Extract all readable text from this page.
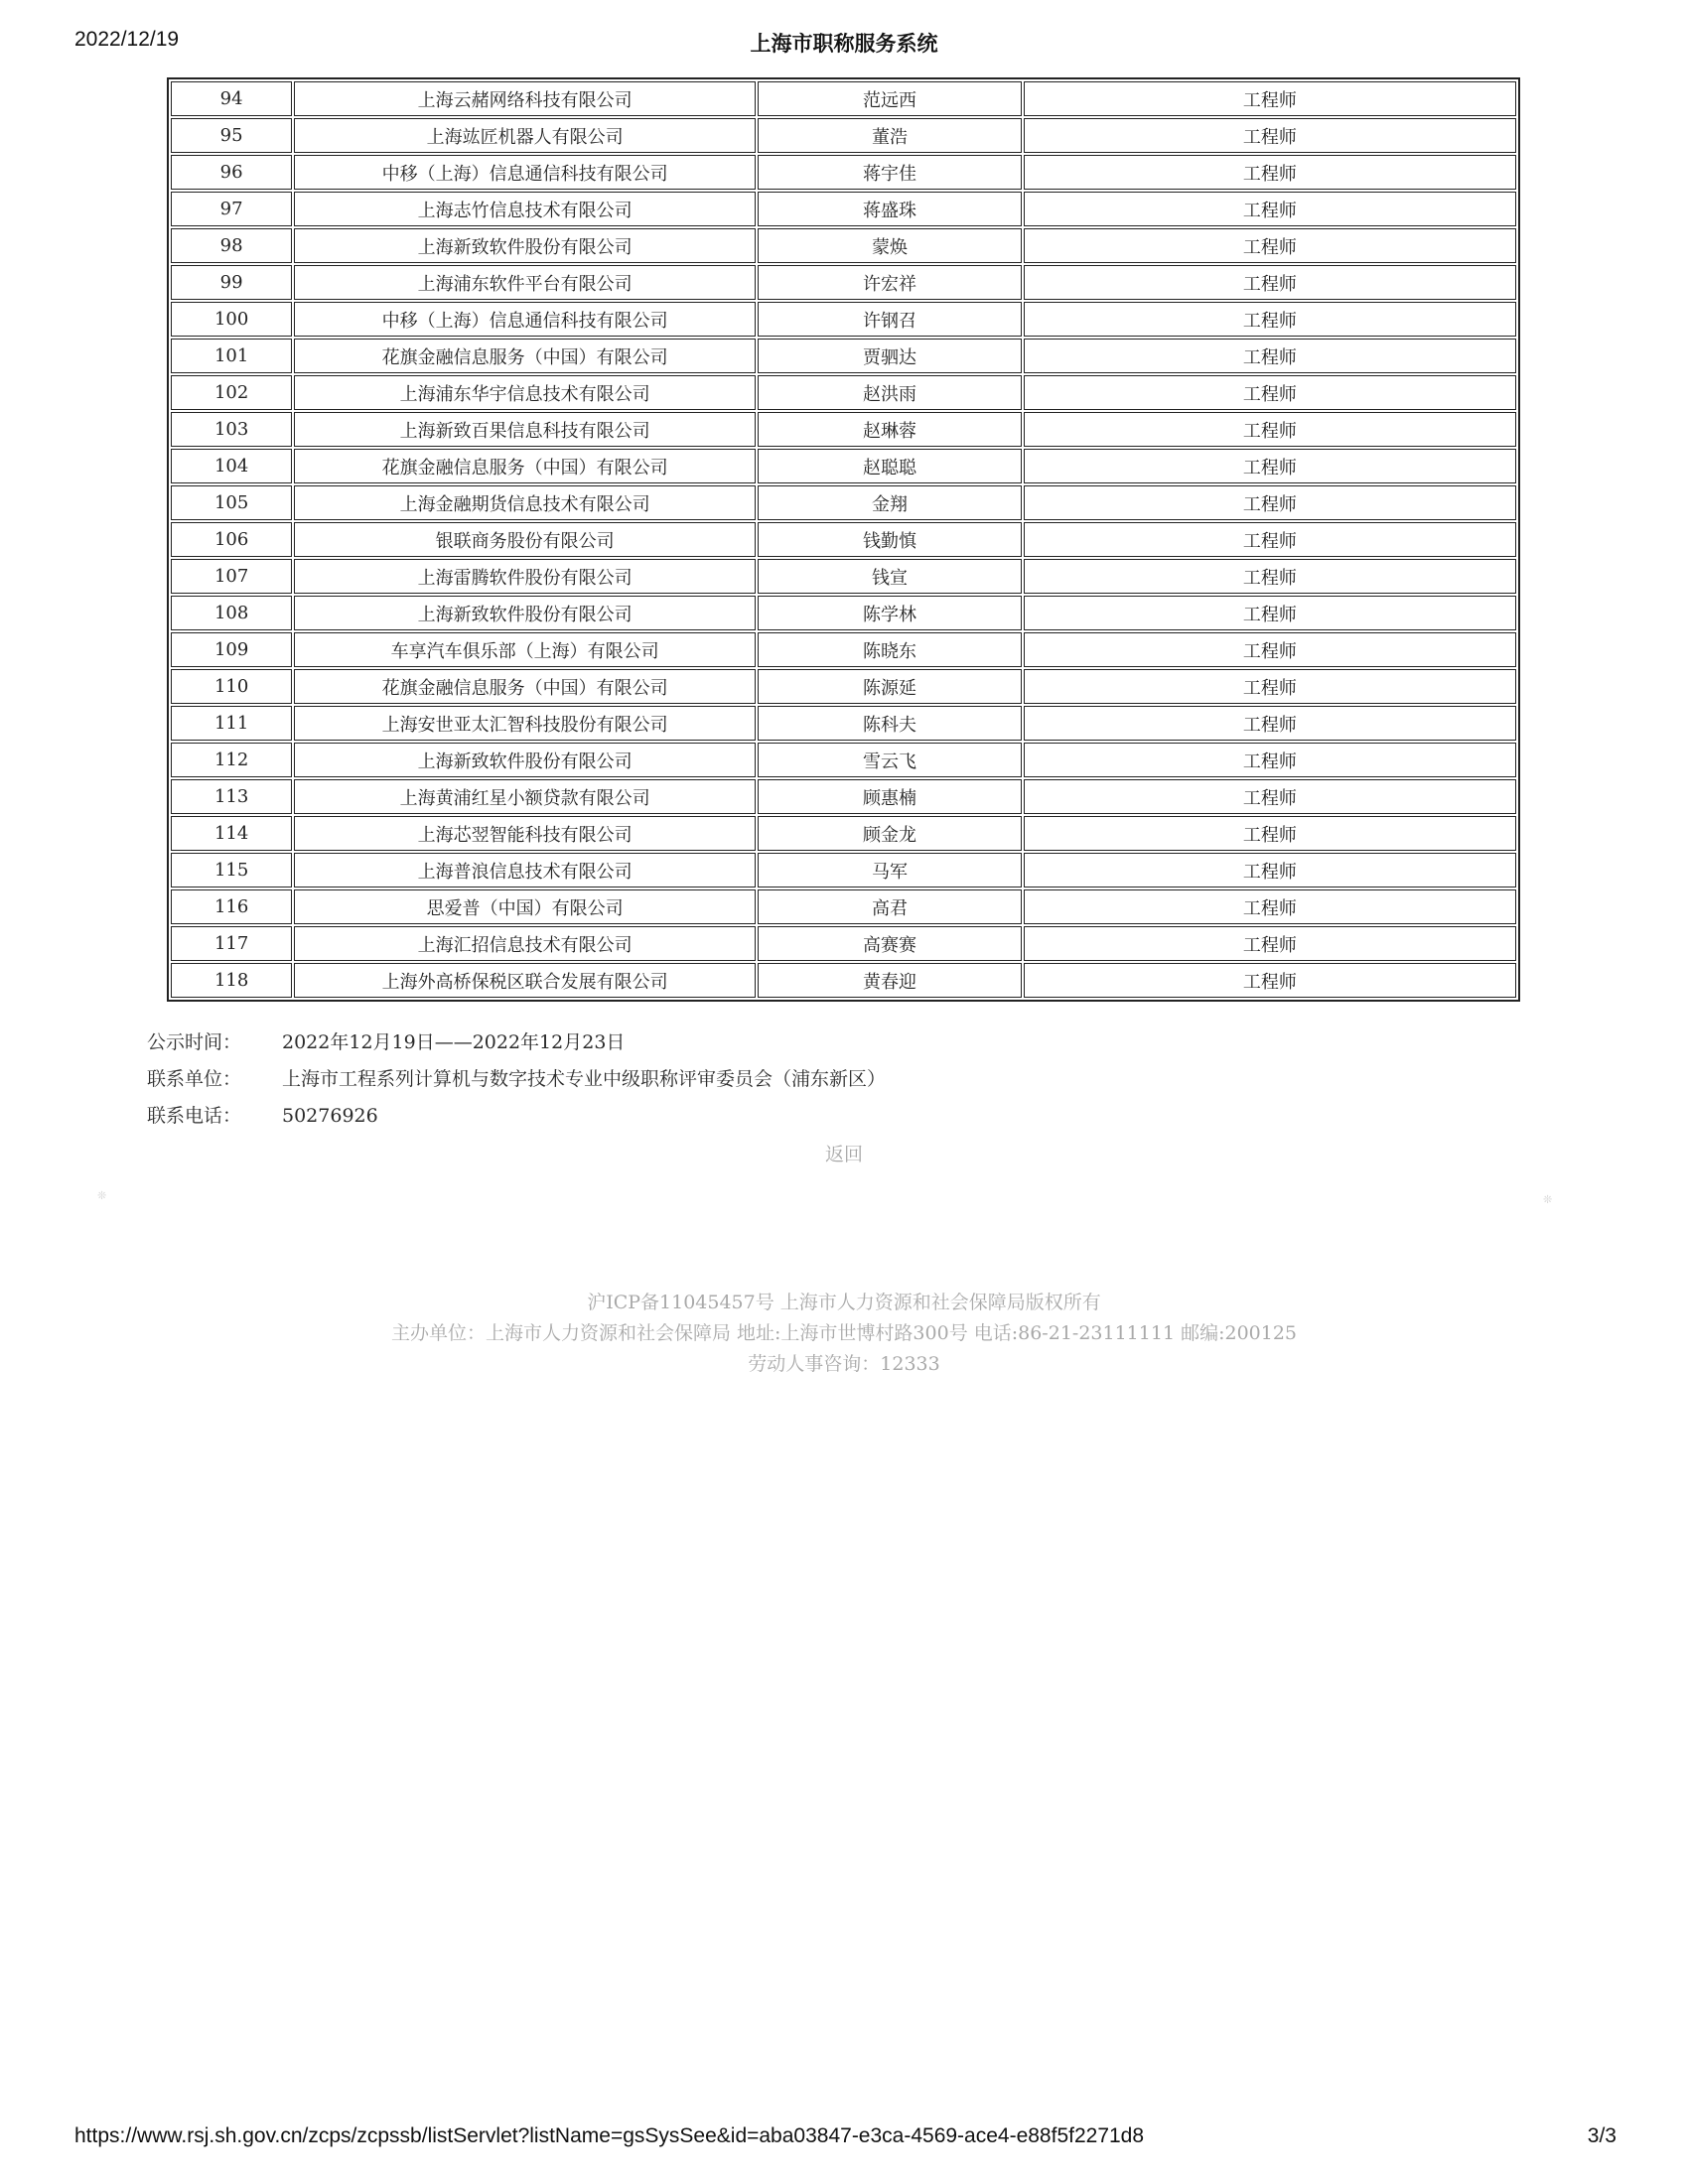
2022/12/19	上海市职称服务系统
94	上海云赭网络科技有限公司	范远西	工程师
95	上海竑匠机器人有限公司	董浩	工程师
96	中移（上海）信息通信科技有限公司	蒋宇佳	工程师
97	上海志竹信息技术有限公司	蒋盛珠	工程师
98	上海新致软件股份有限公司	蒙焕	工程师
99	上海浦东软件平台有限公司	许宏祥	工程师
100	中移（上海）信息通信科技有限公司	许钢召	工程师
101	花旗金融信息服务（中国）有限公司	贾驷达	工程师
102	上海浦东华宇信息技术有限公司	赵洪雨	工程师
103	上海新致百果信息科技有限公司	赵琳蓉	工程师
104	花旗金融信息服务（中国）有限公司	赵聪聪	工程师
105	上海金融期货信息技术有限公司	金翔	工程师
106	银联商务股份有限公司	钱勤慎	工程师
107	上海雷腾软件股份有限公司	钱宣	工程师
108	上海新致软件股份有限公司	陈学林	工程师
109	车享汽车俱乐部（上海）有限公司	陈晓东	工程师
110	花旗金融信息服务（中国）有限公司	陈源延	工程师
111	上海安世亚太汇智科技股份有限公司	陈科夫	工程师
112	上海新致软件股份有限公司	雪云飞	工程师
113	上海黄浦红星小额贷款有限公司	顾惠楠	工程师
114	上海芯翌智能科技有限公司	顾金龙	工程师
115	上海普浪信息技术有限公司	马军	工程师
116	思爱普（中国）有限公司	高君	工程师
117	上海汇招信息技术有限公司	高赛赛	工程师
118	上海外高桥保税区联合发展有限公司	黄春迎	工程师
公示时间： 2022年12月19日——2022年12月23日
联系单位： 上海市工程系列计算机与数字技术专业中级职称评审委员会（浦东新区）
联系电话： 50276926
返回
❊	❊
沪ICP备11045457号 上海市人力资源和社会保障局版权所有
主办单位：上海市人力资源和社会保障局 地址:上海市世博村路300号 电话:86-21-23111111 邮编:200125
劳动人事咨询：12333
https://www.rsj.sh.gov.cn/zcps/zcpssb/listServlet?listName=gsSysSee&id=aba03847-e3ca-4569-ace4-e88f5f2271d8	3/3
